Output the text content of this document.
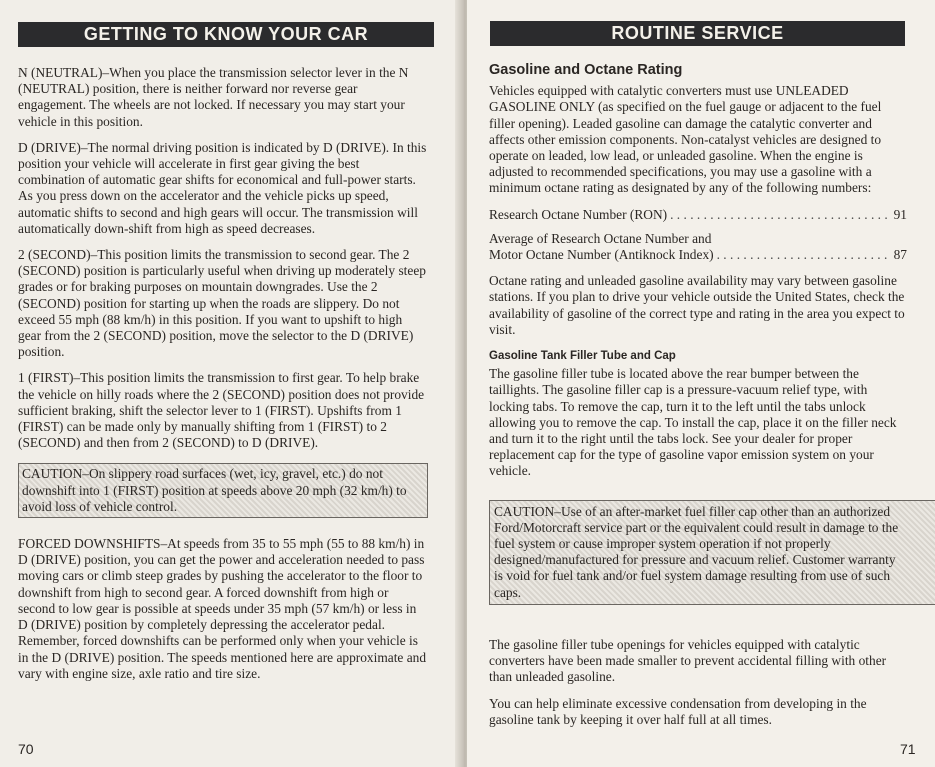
GETTING TO KNOW YOUR CAR

N (NEUTRAL)–When you place the transmission selector lever in the N (NEUTRAL) position, there is neither forward nor reverse gear engagement. The wheels are not locked. If necessary you may start your vehicle in this position.

D (DRIVE)–The normal driving position is indicated by D (DRIVE). In this position your vehicle will accelerate in first gear giving the best combination of automatic gear shifts for economical and full-power starts. As you press down on the accelerator and the vehicle picks up speed, automatic shifts to second and high gears will occur. The transmission will automatically down-shift from high as speed decreases.

2 (SECOND)–This position limits the transmission to second gear. The 2 (SECOND) position is particularly useful when driving up moderately steep grades or for braking purposes on mountain downgrades. Use the 2 (SECOND) position for starting up when the roads are slippery. Do not exceed 55 mph (88 km/h) in this position. If you want to upshift to high gear from the 2 (SECOND) position, move the selector to the D (DRIVE) position.

1 (FIRST)–This position limits the transmission to first gear. To help brake the vehicle on hilly roads where the 2 (SECOND) position does not provide sufficient braking, shift the selector lever to 1 (FIRST). Upshifts from 1 (FIRST) can be made only by manually shifting from 1 (FIRST) to 2 (SECOND) and then from 2 (SECOND) to D (DRIVE).

CAUTION–On slippery road surfaces (wet, icy, gravel, etc.) do not downshift into 1 (FIRST) position at speeds above 20 mph (32 km/h) to avoid loss of vehicle control.

FORCED DOWNSHIFTS–At speeds from 35 to 55 mph (55 to 88 km/h) in D (DRIVE) position, you can get the power and acceleration needed to pass moving cars or climb steep grades by pushing the accelerator to the floor to downshift from high to second gear. A forced downshift from high or second to low gear is possible at speeds under 35 mph (57 km/h) or less in D (DRIVE) position by completely depressing the accelerator pedal. Remember, forced downshifts can be performed only when your vehicle is in the D (DRIVE) position. The speeds mentioned here are approximate and vary with engine size, axle ratio and tire size.

70
ROUTINE SERVICE
Gasoline and Octane Rating

Vehicles equipped with catalytic converters must use UNLEADED GASOLINE ONLY (as specified on the fuel gauge or adjacent to the fuel filler opening). Leaded gasoline can damage the catalytic converter and affects other emission components. Non-catalyst vehicles are designed to operate on leaded, low lead, or unleaded gasoline. When the engine is adjusted to recommended specifications, you may use a gasoline with a minimum octane rating as designated by any of the following numbers:

Research Octane Number (RON) . . .	91
Average of Research Octane Number and
Motor Octane Number (Antiknock Index) . . .	87

Octane rating and unleaded gasoline availability may vary between gasoline stations. If you plan to drive your vehicle outside the United States, check the availability of gasoline of the correct type and rating in the area you expect to visit.

Gasoline Tank Filler Tube and Cap

The gasoline filler tube is located above the rear bumper between the taillights. The gasoline filler cap is a pressure-vacuum relief type, with locking tabs. To remove the cap, turn it to the left until the tabs unlock allowing you to remove the cap. To install the cap, place it on the filler neck and turn it to the right until the tabs lock. See your dealer for proper replacement cap for the type of gasoline vapor emission system on your vehicle.

CAUTION–Use of an after-market fuel filler cap other than an authorized Ford/Motorcraft service part or the equivalent could result in damage to the fuel system or cause improper system operation if not properly designed/manufactured for pressure and vacuum relief. Customer warranty is void for fuel tank and/or fuel system damage resulting from use of such caps.

The gasoline filler tube openings for vehicles equipped with catalytic converters have been made smaller to prevent accidental filling with other than unleaded gasoline.

You can help eliminate excessive condensation from developing in the gasoline tank by keeping it over half full at all times.

71
